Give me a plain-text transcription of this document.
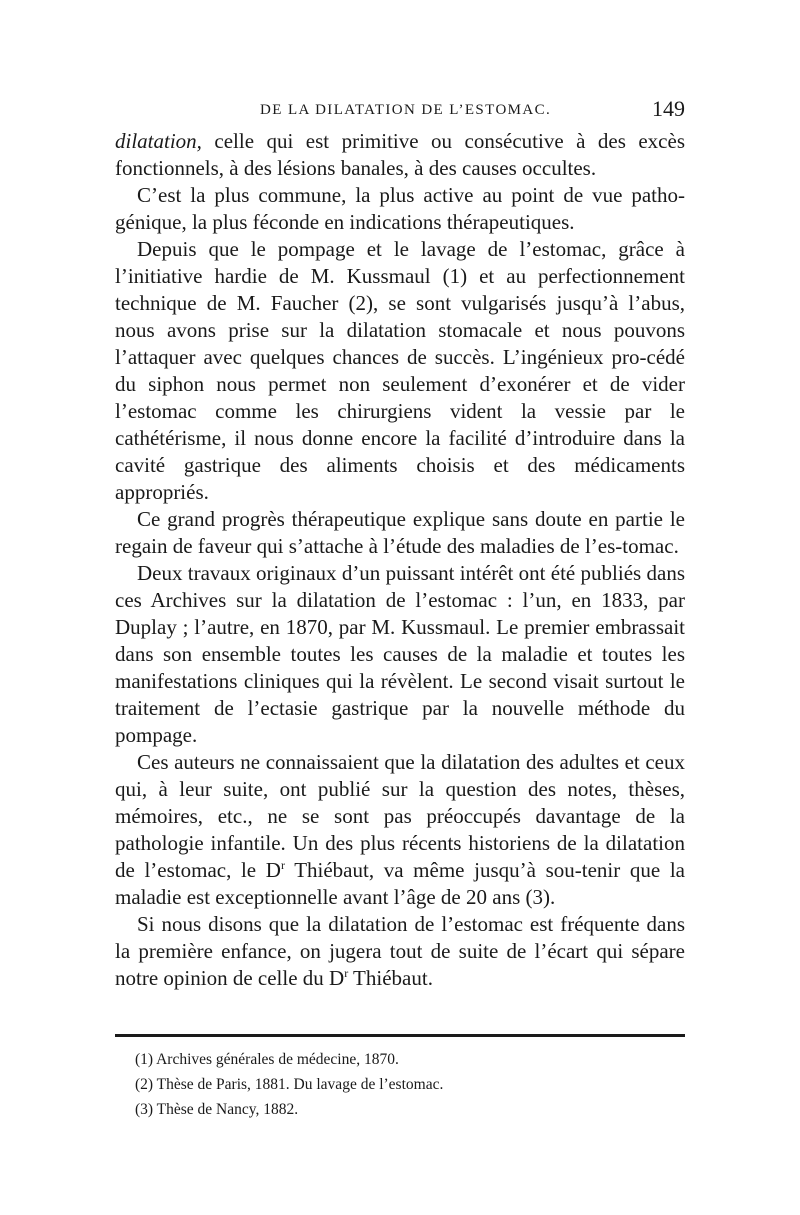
DE LA DILATATION DE L’ESTOMAC.	149

dilatation, celle qui est primitive ou consécutive à des excès fonctionnels, à des lésions banales, à des causes occultes.

C’est la plus commune, la plus active au point de vue patho-génique, la plus féconde en indications thérapeutiques.

Depuis que le pompage et le lavage de l’estomac, grâce à l’initiative hardie de M. Kussmaul (1) et au perfectionnement technique de M. Faucher (2), se sont vulgarisés jusqu’à l’abus, nous avons prise sur la dilatation stomacale et nous pouvons l’attaquer avec quelques chances de succès. L’ingénieux pro-cédé du siphon nous permet non seulement d’exonérer et de vider l’estomac comme les chirurgiens vident la vessie par le cathétérisme, il nous donne encore la facilité d’introduire dans la cavité gastrique des aliments choisis et des médicaments appropriés.

Ce grand progrès thérapeutique explique sans doute en partie le regain de faveur qui s’attache à l’étude des maladies de l’es-tomac.

Deux travaux originaux d’un puissant intérêt ont été publiés dans ces Archives sur la dilatation de l’estomac : l’un, en 1833, par Duplay ; l’autre, en 1870, par M. Kussmaul. Le premier embrassait dans son ensemble toutes les causes de la maladie et toutes les manifestations cliniques qui la révèlent. Le second visait surtout le traitement de l’ectasie gastrique par la nouvelle méthode du pompage.

Ces auteurs ne connaissaient que la dilatation des adultes et ceux qui, à leur suite, ont publié sur la question des notes, thèses, mémoires, etc., ne se sont pas préoccupés davantage de la pathologie infantile. Un des plus récents historiens de la dilatation de l’estomac, le $D^r$ Thiébaut, va même jusqu’à sou-tenir que la maladie est exceptionnelle avant l’âge de 20 ans (3).

Si nous disons que la dilatation de l’estomac est fréquente dans la première enfance, on jugera tout de suite de l’écart qui sépare notre opinion de celle du $D^r$ Thiébaut.

(1) Archives générales de médecine, 1870.

(2) Thèse de Paris, 1881. Du lavage de l’estomac.

(3) Thèse de Nancy, 1882.
